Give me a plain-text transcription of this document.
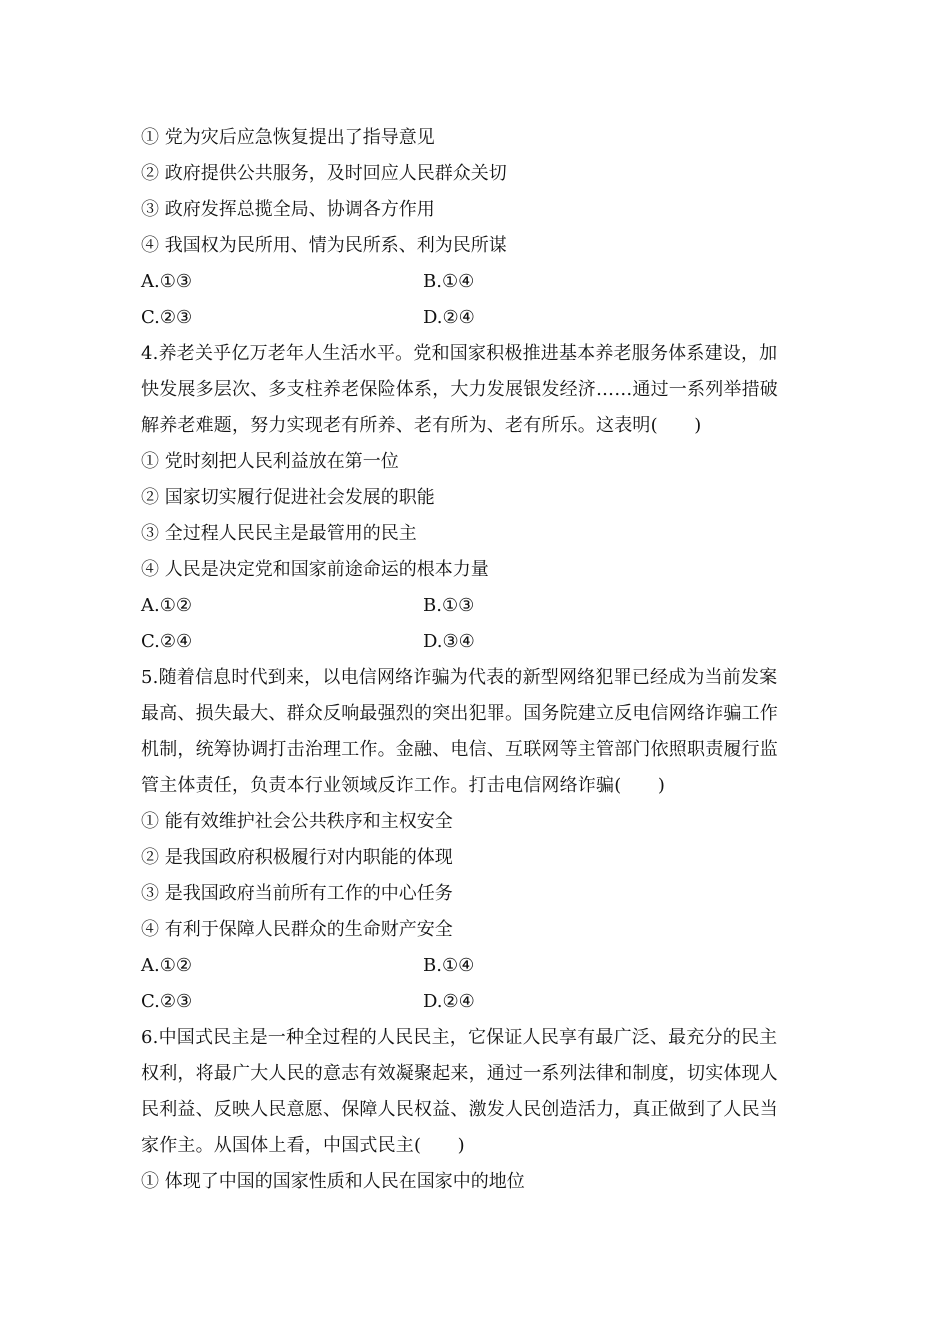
① 党为灾后应急恢复提出了指导意见
② 政府提供公共服务，及时回应人民群众关切
③ 政府发挥总揽全局、协调各方作用
④ 我国权为民所用、情为民所系、利为民所谋
A.①③	B.①④
C.②③	D.②④
4.养老关乎亿万老年人生活水平。党和国家积极推进基本养老服务体系建设，加
快发展多层次、多支柱养老保险体系，大力发展银发经济……通过一系列举措破
解养老难题，努力实现老有所养、老有所为、老有所乐。这表明(　　)
① 党时刻把人民利益放在第一位
② 国家切实履行促进社会发展的职能
③ 全过程人民民主是最管用的民主
④ 人民是决定党和国家前途命运的根本力量
A.①②	B.①③
C.②④	D.③④
5.随着信息时代到来，以电信网络诈骗为代表的新型网络犯罪已经成为当前发案
最高、损失最大、群众反响最强烈的突出犯罪。国务院建立反电信网络诈骗工作
机制，统筹协调打击治理工作。金融、电信、互联网等主管部门依照职责履行监
管主体责任，负责本行业领域反诈工作。打击电信网络诈骗(　　)
① 能有效维护社会公共秩序和主权安全
② 是我国政府积极履行对内职能的体现
③ 是我国政府当前所有工作的中心任务
④ 有利于保障人民群众的生命财产安全
A.①②	B.①④
C.②③	D.②④
6.中国式民主是一种全过程的人民民主，它保证人民享有最广泛、最充分的民主
权利，将最广大人民的意志有效凝聚起来，通过一系列法律和制度，切实体现人
民利益、反映人民意愿、保障人民权益、激发人民创造活力，真正做到了人民当
家作主。从国体上看，中国式民主(　　)
① 体现了中国的国家性质和人民在国家中的地位
